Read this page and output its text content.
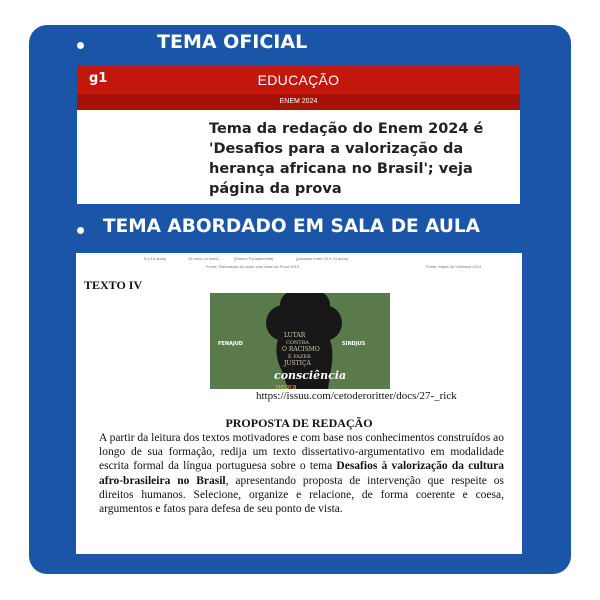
TEMA OFICIAL
g1	EDUCAÇÃO
ENEM 2024
Tema da redação do Enem 2024 é 'Desafios para a valorização da herança africana no Brasil'; veja página da prova
TEMA ABORDADO EM SALA DE AULA
5 a 15 anos)	15 anos ou mais)	(Ensino Fundamental)	(pessoas entre 15 e 24 anos)
Fonte: Elaboração do autor com base na Pnad 2013	Fonte: Mapa da Violência 2014
TEXTO IV
negra
LUTAR
CONTRA
O RACISMO
É FAZER
JUSTIÇA
consciência
FENAJUD	SINDJUS
https://issuu.com/cetoderoritter/docs/27-_rick
PROPOSTA DE REDAÇÃO
A partir da leitura dos textos motivadores e com base nos conhecimentos construídos ao longo de sua formação, redija um texto dissertativo-argumentativo em modalidade escrita formal da língua portuguesa sobre o tema Desafios à valorização da cultura afro-brasileira no Brasil, apresentando proposta de intervenção que respeite os direitos humanos. Selecione, organize e relacione, de forma coerente e coesa, argumentos e fatos para defesa de seu ponto de vista.
